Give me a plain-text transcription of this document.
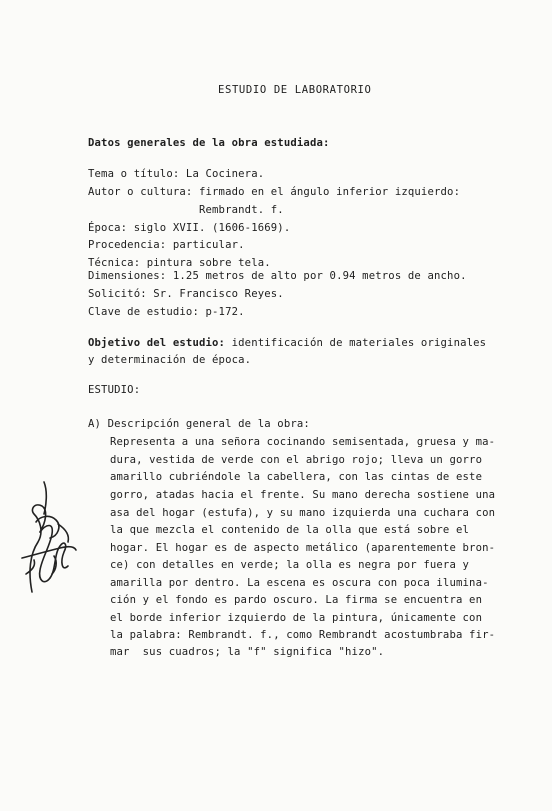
ESTUDIO DE LABORATORIO
Datos generales de la obra estudiada:
Tema o título: La Cocinera.
Autor o cultura: firmado en el ángulo inferior izquierdo:
Rembrandt. f.
Época: siglo XVII. (1606-1669).
Procedencia: particular.
Técnica: pintura sobre tela.
Dimensiones: 1.25 metros de alto por 0.94 metros de ancho.
Solicitó: Sr. Francisco Reyes.
Clave de estudio: p-172.
Objetivo del estudio: identificación de materiales originales
y determinación de época.
ESTUDIO:
A) Descripción general de la obra:
Representa a una señora cocinando semisentada, gruesa y ma-
dura, vestida de verde con el abrigo rojo; lleva un gorro
amarillo cubriéndole la cabellera, con las cintas de este
gorro, atadas hacia el frente. Su mano derecha sostiene una
asa del hogar (estufa), y su mano izquierda una cuchara con
la que mezcla el contenido de la olla que está sobre el
hogar. El hogar es de aspecto metálico (aparentemente bron-
ce) con detalles en verde; la olla es negra por fuera y
amarilla por dentro. La escena es oscura con poca ilumina-
ción y el fondo es pardo oscuro. La firma se encuentra en
el borde inferior izquierdo de la pintura, únicamente con
la palabra: Rembrandt. f., como Rembrandt acostumbraba fir-
mar  sus cuadros; la "f" significa "hizo".
